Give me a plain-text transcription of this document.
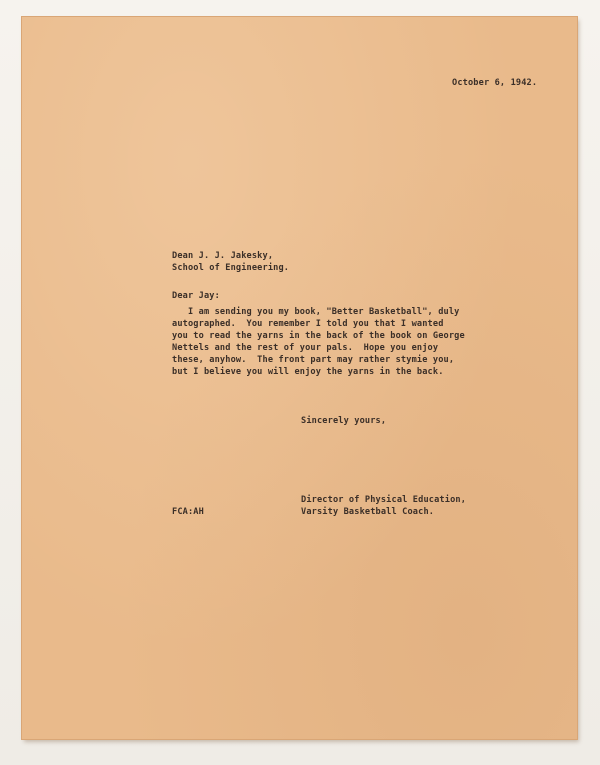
October 6, 1942.
Dean J. J. Jakesky,
School of Engineering.
Dear Jay:
I am sending you my book, "Better Basketball", duly
autographed.  You remember I told you that I wanted
you to read the yarns in the back of the book on George
Nettels and the rest of your pals.  Hope you enjoy
these, anyhow.  The front part may rather stymie you,
but I believe you will enjoy the yarns in the back.
Sincerely yours,
Director of Physical Education,
Varsity Basketball Coach.
FCA:AH
